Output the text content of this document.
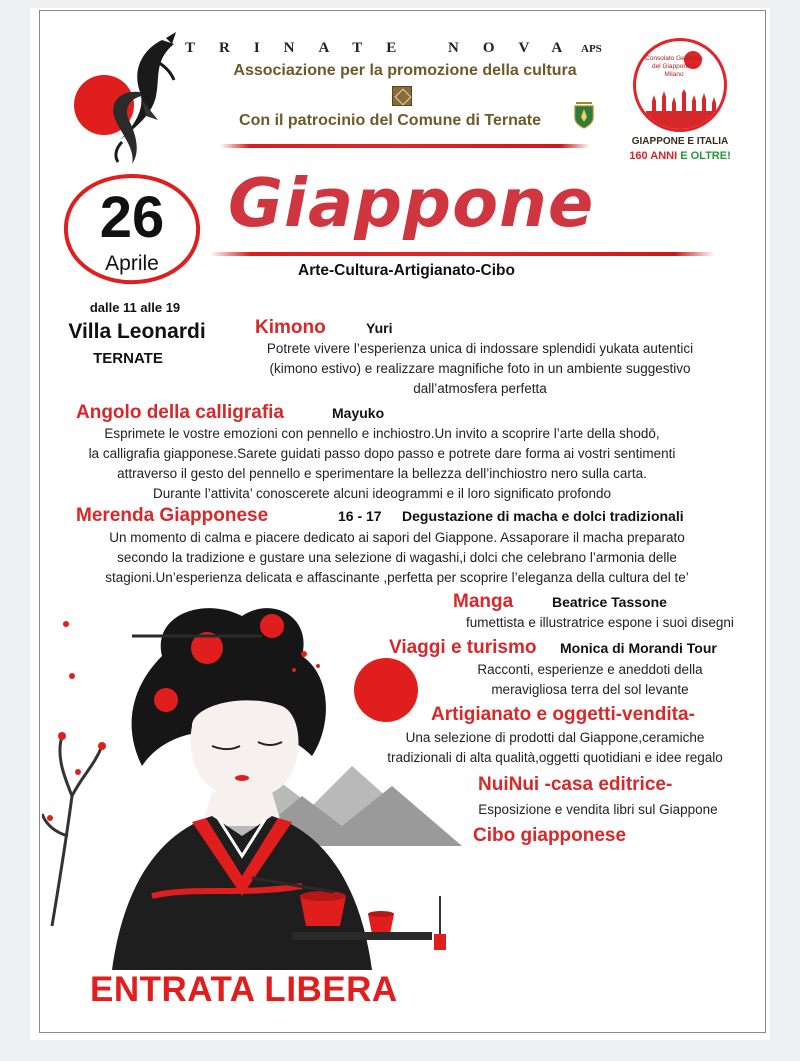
TRINATE NOVA
APS
Associazione per la promozione della cultura
Con il patrocinio del Comune di Ternate
Consolato Generale del Giappone a Milano
GIAPPONE E ITALIA
160 ANNI E OLTRE!
26
Aprile
Giappone
Arte-Cultura-Artigianato-Cibo
dalle 11 alle 19
Villa Leonardi
TERNATE
Kimono	Yuri
Potrete vivere l’esperienza unica di indossare splendidi yukata autentici
(kimono estivo) e realizzare magnifiche foto in un ambiente suggestivo
dall’atmosfera perfetta
Angolo della calligrafia	Mayuko
Esprimete le vostre emozioni con pennello e inchiostro.Un invito a scoprire l’arte della shodō,
la calligrafia giapponese.Sarete guidati passo dopo passo e potrete dare forma ai vostri sentimenti
attraverso il gesto del pennello e sperimentare la bellezza dell’inchiostro nero sulla carta.
Durante l’attivita’ conoscerete alcuni ideogrammi e il loro significato profondo
Merenda Giapponese	16 - 17 Degustazione di macha e dolci tradizionali
Un momento di calma e piacere dedicato ai sapori del Giappone. Assaporare il macha preparato
secondo la tradizione e gustare una selezione di wagashi,i dolci che celebrano l’armonia delle
stagioni.Un’esperienza delicata e affascinante ,perfetta per scoprire l’eleganza della cultura del te’
Manga	Beatrice Tassone
fumettista e illustratrice espone i suoi disegni
Viaggi e turismo Monica di Morandi Tour
Racconti, esperienze e aneddoti della
meravigliosa terra del sol levante
Artigianato e oggetti-vendita-
Una selezione di prodotti dal Giappone,ceramiche
tradizionali di alta qualità,oggetti quotidiani e idee regalo
NuiNui -casa editrice-
Esposizione e vendita libri sul Giappone
Cibo giapponese
ENTRATA LIBERA
